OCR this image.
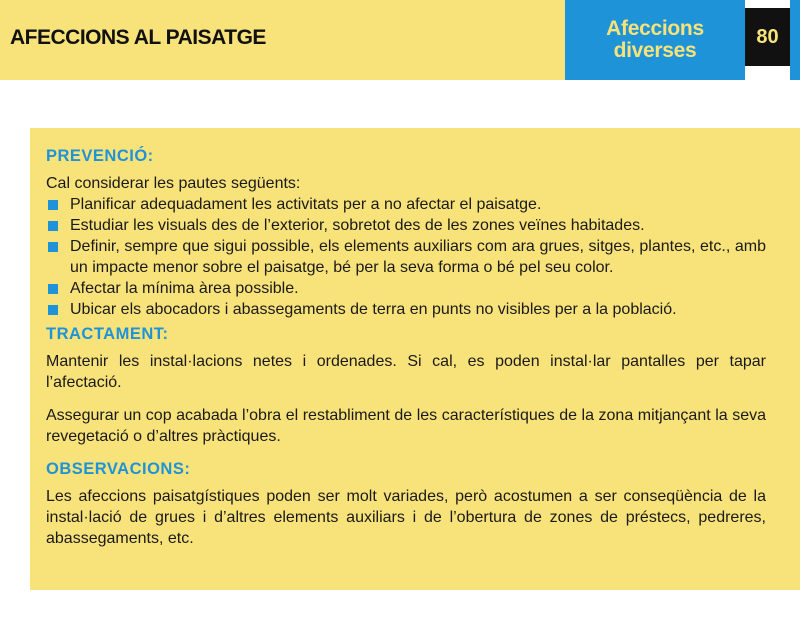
AFECCIONS AL PAISATGE	Afeccions
diverses
80
PREVENCIÓ:

Cal considerar les pautes següents:

Planificar adequadament les activitats per a no afectar el paisatge.
Estudiar les visuals des de l’exterior, sobretot des de les zones veïnes habitades.
Definir, sempre que sigui possible, els elements auxiliars com ara grues, sitges, plantes, etc., amb un impacte menor sobre el paisatge, bé per la seva forma o bé pel seu color.
Afectar la mínima àrea possible.
Ubicar els abocadors i abassegaments de terra en punts no visibles per a la població.
TRACTAMENT:

Mantenir les instal·lacions netes i ordenades. Si cal, es poden instal·lar pantalles per tapar l’afectació.

Assegurar un cop acabada l’obra el restabliment de les característiques de la zona mitjançant la seva revegetació o d’altres pràctiques.

OBSERVACIONS:

Les afeccions paisatgístiques poden ser molt variades, però acostumen a ser conseqüència de la instal·lació de grues i d’altres elements auxiliars i de l’obertura de zones de préstecs, pedreres, abassegaments, etc.
